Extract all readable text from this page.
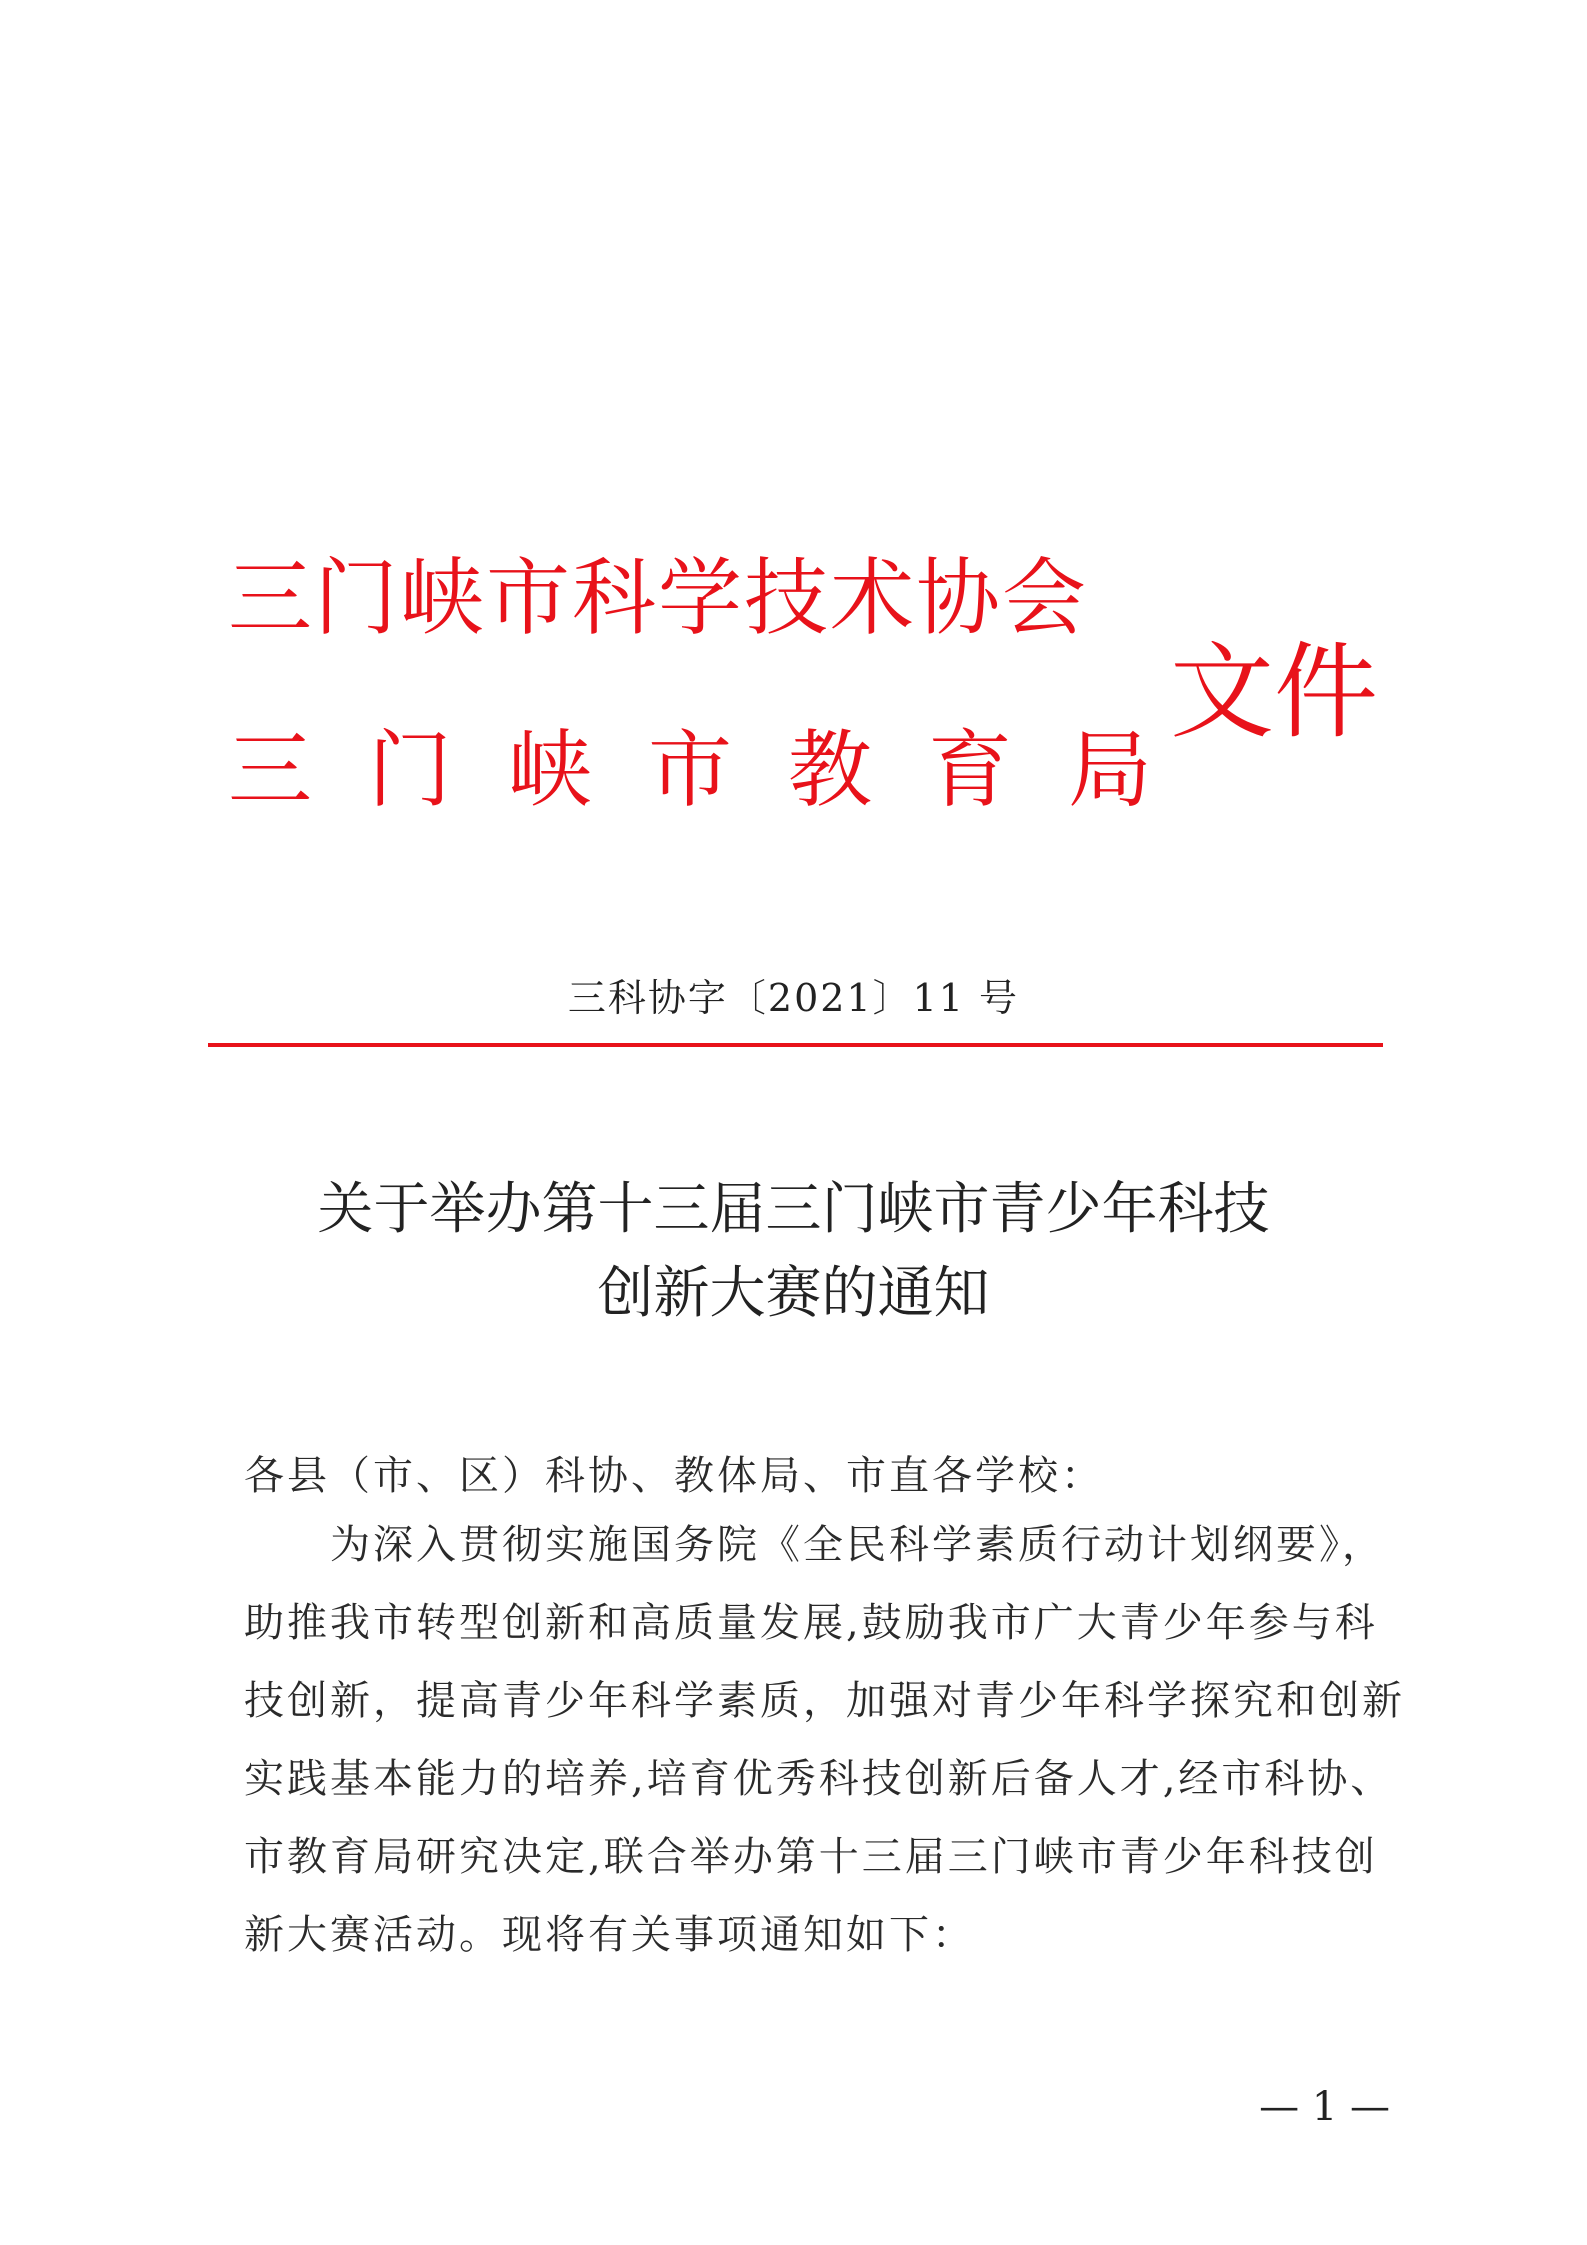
三门峡市科学技术协会
三门峡市教育局
文件
三科协字〔2021〕11 号
关于举办第十三届三门峡市青少年科技
创新大赛的通知
各县（市、区）科协、教体局、市直各学校：
为深入贯彻实施国务院《全民科学素质行动计划纲要》，
助推我市转型创新和高质量发展,鼓励我市广大青少年参与科
技创新，提高青少年科学素质，加强对青少年科学探究和创新
实践基本能力的培养,培育优秀科技创新后备人才,经市科协、
市教育局研究决定,联合举办第十三届三门峡市青少年科技创
新大赛活动。现将有关事项通知如下：
— 1 —
